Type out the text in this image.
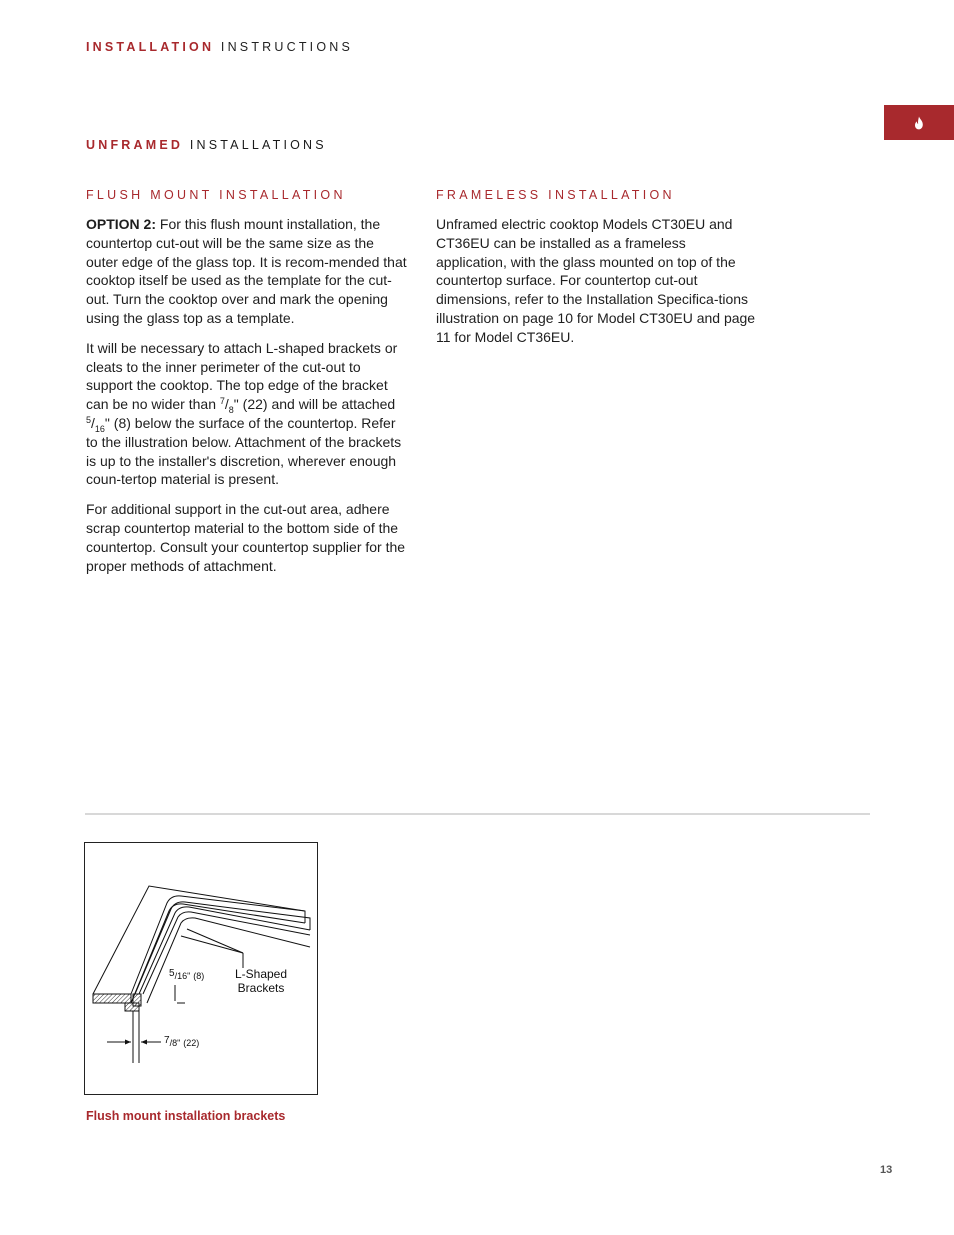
INSTALLATION INSTRUCTIONS
UNFRAMED INSTALLATIONS
FLUSH MOUNT INSTALLATION

OPTION 2: For this flush mount installation, the countertop cut-out will be the same size as the outer edge of the glass top. It is recom-mended that cooktop itself be used as the template for the cut-out. Turn the cooktop over and mark the opening using the glass top as a template.

It will be necessary to attach L-shaped brackets or cleats to the inner perimeter of the cut-out to support the cooktop. The top edge of the bracket can be no wider than $^7/_8$" (22) and will be attached $^5/_{16}$" (8) below the surface of the countertop. Refer to the illustration below. Attachment of the brackets is up to the installer's discretion, wherever enough coun-tertop material is present.

For additional support in the cut-out area, adhere scrap countertop material to the bottom side of the countertop. Consult your countertop supplier for the proper methods of attachment.

FRAMELESS INSTALLATION

Unframed electric cooktop Models CT30EU and CT36EU can be installed as a frameless application, with the glass mounted on top of the countertop surface. For countertop cut-out dimensions, refer to the Installation Specifica-tions illustration on page 10 for Model CT30EU and page 11 for Model CT36EU.

5/16" (8)	L-Shaped
Brackets
7/8" (22)
Flush mount installation brackets
13
